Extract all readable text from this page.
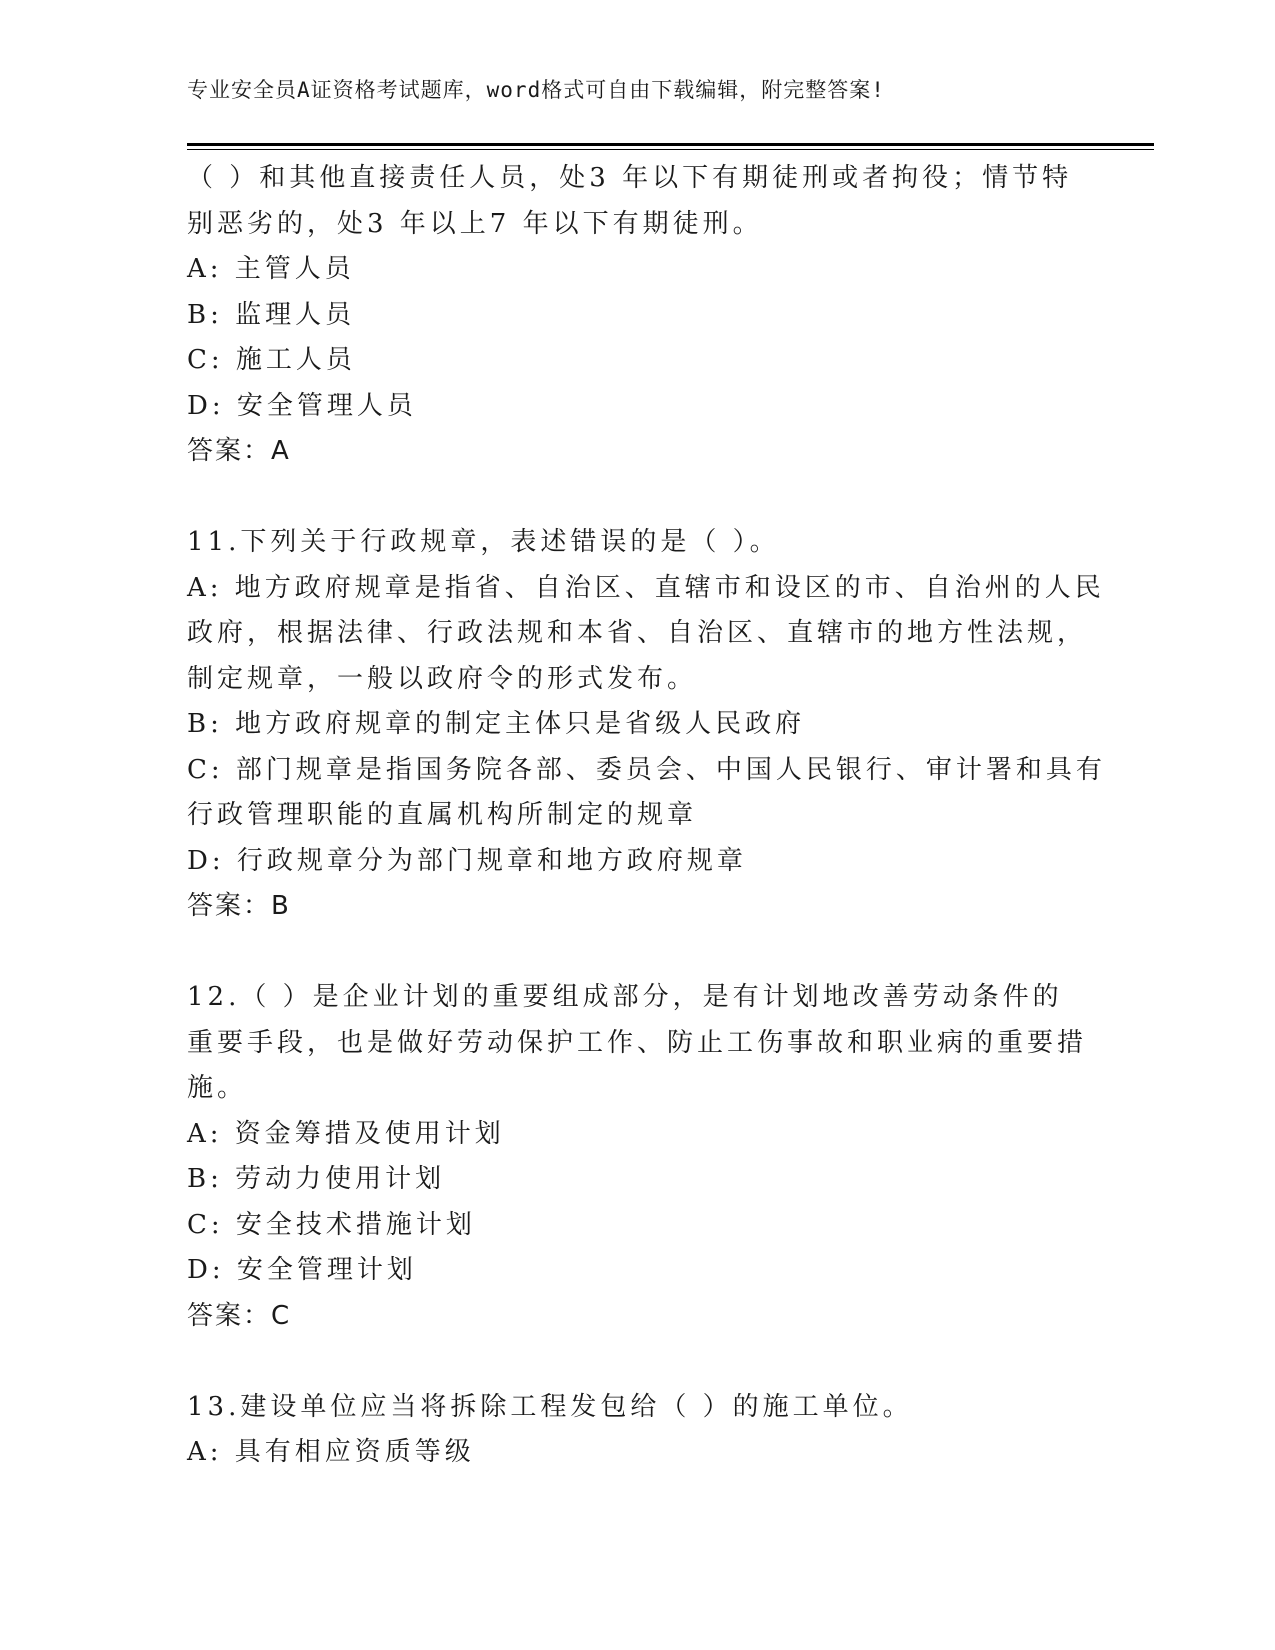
专业安全员A证资格考试题库，word格式可自由下载编辑，附完整答案!
（ ）和其他直接责任人员，处3 年以下有期徒刑或者拘役；情节特
别恶劣的，处3 年以上7 年以下有期徒刑。
A: 主管人员
B: 监理人员
C: 施工人员
D: 安全管理人员
答案：A
11.下列关于行政规章，表述错误的是（ ）。
A: 地方政府规章是指省、自治区、直辖市和设区的市、自治州的人民
政府，根据法律、行政法规和本省、自治区、直辖市的地方性法规，
制定规章，一般以政府令的形式发布。
B: 地方政府规章的制定主体只是省级人民政府
C: 部门规章是指国务院各部、委员会、中国人民银行、审计署和具有
行政管理职能的直属机构所制定的规章
D: 行政规章分为部门规章和地方政府规章
答案：B
12.（ ）是企业计划的重要组成部分，是有计划地改善劳动条件的
重要手段，也是做好劳动保护工作、防止工伤事故和职业病的重要措
施。
A: 资金筹措及使用计划
B: 劳动力使用计划
C: 安全技术措施计划
D: 安全管理计划
答案：C
13.建设单位应当将拆除工程发包给（ ）的施工单位。
A: 具有相应资质等级
